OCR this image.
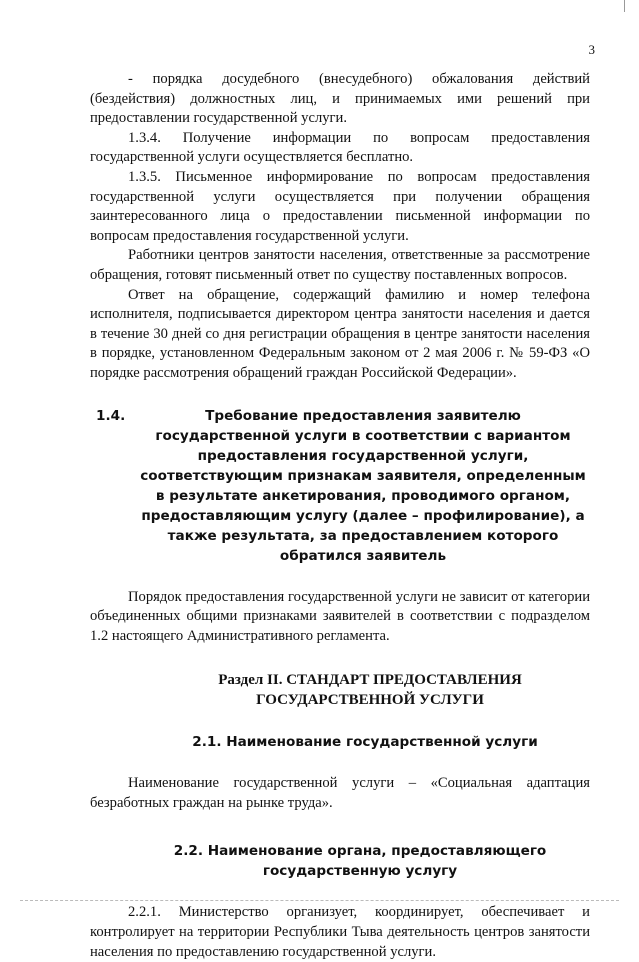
3

- порядка досудебного (внесудебного) обжалования действий (бездействия) должностных лиц, и принимаемых ими решений при предоставлении государственной услуги.

1.3.4. Получение информации по вопросам предоставления государственной услуги осуществляется бесплатно.

1.3.5. Письменное информирование по вопросам предоставления государственной услуги осуществляется при получении обращения заинтересованного лица о предоставлении письменной информации по вопросам предоставления государственной услуги.

Работники центров занятости населения, ответственные за рассмотрение обращения, готовят письменный ответ по существу поставленных вопросов.

Ответ на обращение, содержащий фамилию и номер телефона исполнителя, подписывается директором центра занятости населения и дается в течение 30 дней со дня регистрации обращения в центре занятости населения в порядке, установленном Федеральным законом от 2 мая 2006 г. № 59-ФЗ «О порядке рассмотрения обращений граждан Российской Федерации».

1.4.	Требование предоставления заявителю государственной услуги в соответствии с вариантом предоставления государственной услуги, соответствующим признакам заявителя, определенным в результате анкетирования, проводимого органом, предоставляющим услугу (далее – профилирование), а также результата, за предоставлением которого обратился заявитель

Порядок предоставления государственной услуги не зависит от категории объединенных общими признаками заявителей в соответствии с подразделом 1.2 настоящего Административного регламента.

Раздел II. СТАНДАРТ ПРЕДОСТАВЛЕНИЯ ГОСУДАРСТВЕННОЙ УСЛУГИ
2.1. Наименование государственной услуги

Наименование государственной услуги – «Социальная адаптация безработных граждан на рынке труда».

2.2. Наименование органа, предоставляющего государственную услугу

2.2.1. Министерство организует, координирует, обеспечивает и контролирует на территории Республики Тыва деятельность центров занятости населения по предоставлению государственной услуги.
